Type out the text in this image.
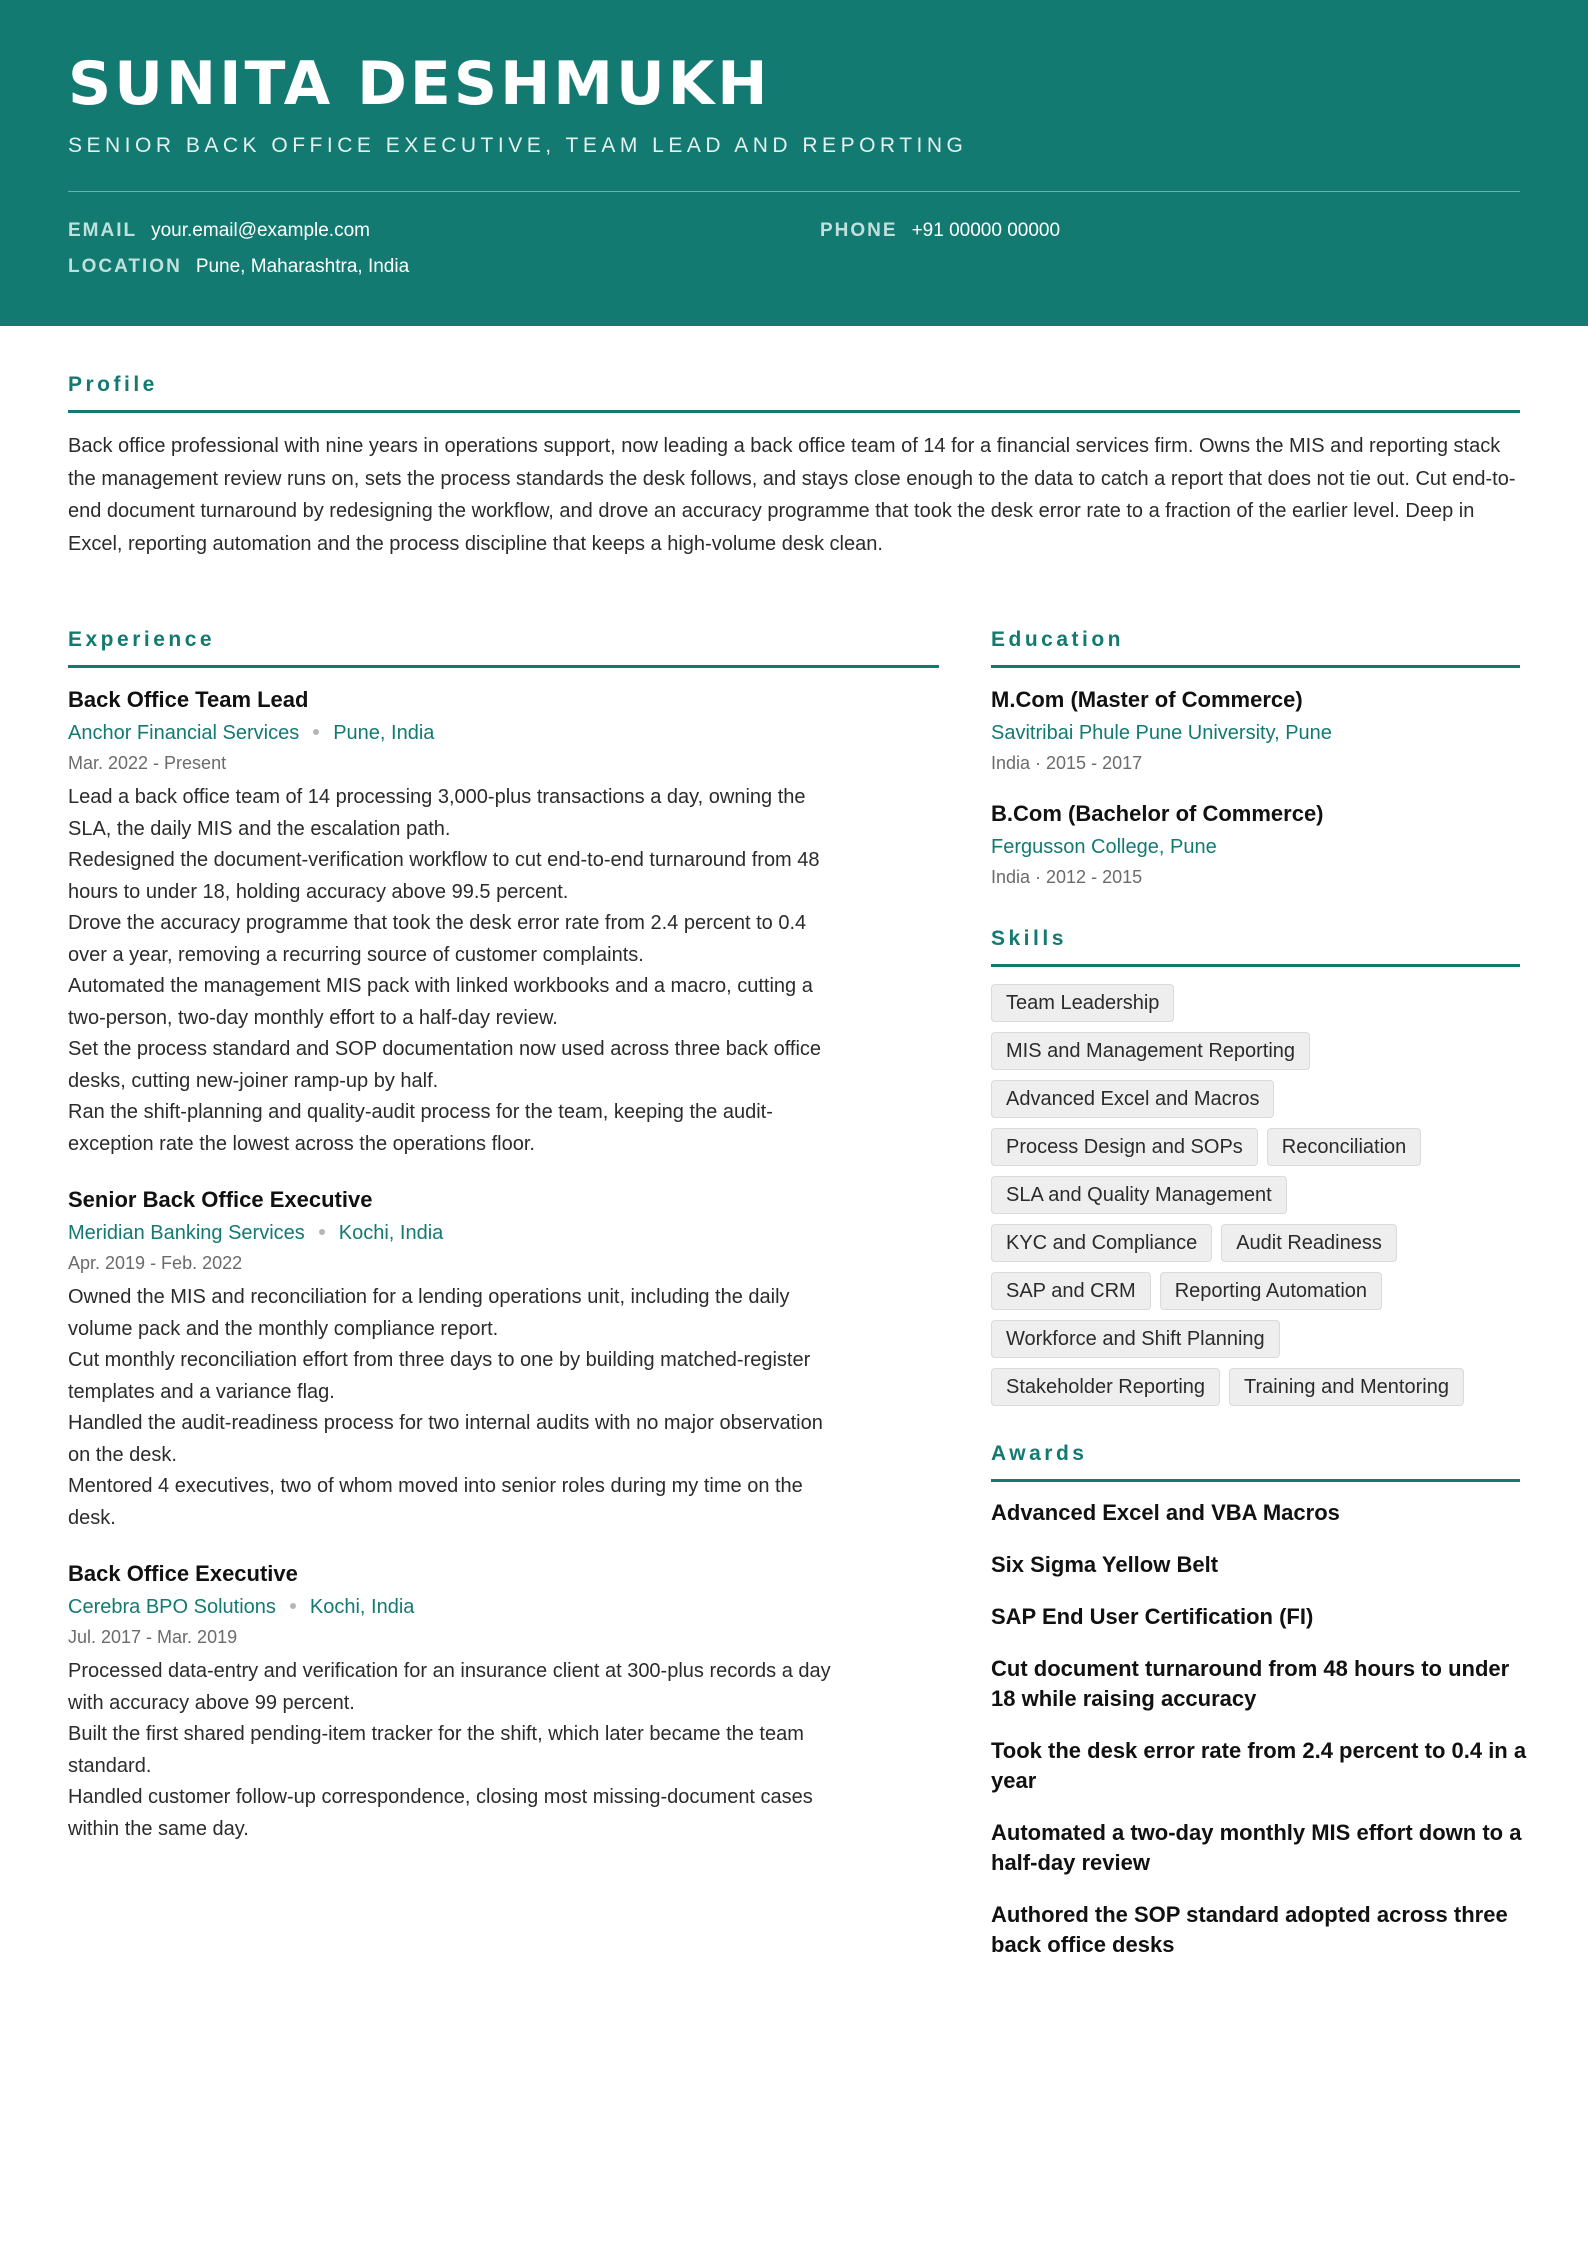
SUNITA DESHMUKH
SENIOR BACK OFFICE EXECUTIVE, TEAM LEAD AND REPORTING
EMAIL your.email@example.com	PHONE +91 00000 00000
LOCATION Pune, Maharashtra, India
Profile
Back office professional with nine years in operations support, now leading a back office team of 14 for a financial services firm. Owns the MIS and reporting stack the management review runs on, sets the process standards the desk follows, and stays close enough to the data to catch a report that does not tie out. Cut end-to-end document turnaround by redesigning the workflow, and drove an accuracy programme that took the desk error rate to a fraction of the earlier level. Deep in Excel, reporting automation and the process discipline that keeps a high-volume desk clean.
Experience
Back Office Team Lead
Anchor Financial Services Pune, India
Mar. 2022 - Present
Lead a back office team of 14 processing 3,000-plus transactions a day, owning the
SLA, the daily MIS and the escalation path.
Redesigned the document-verification workflow to cut end-to-end turnaround from 48
hours to under 18, holding accuracy above 99.5 percent.
Drove the accuracy programme that took the desk error rate from 2.4 percent to 0.4
over a year, removing a recurring source of customer complaints.
Automated the management MIS pack with linked workbooks and a macro, cutting a
two-person, two-day monthly effort to a half-day review.
Set the process standard and SOP documentation now used across three back office
desks, cutting new-joiner ramp-up by half.
Ran the shift-planning and quality-audit process for the team, keeping the audit-
exception rate the lowest across the operations floor.
Senior Back Office Executive
Meridian Banking Services Kochi, India
Apr. 2019 - Feb. 2022
Owned the MIS and reconciliation for a lending operations unit, including the daily
volume pack and the monthly compliance report.
Cut monthly reconciliation effort from three days to one by building matched-register
templates and a variance flag.
Handled the audit-readiness process for two internal audits with no major observation
on the desk.
Mentored 4 executives, two of whom moved into senior roles during my time on the
desk.
Back Office Executive
Cerebra BPO Solutions Kochi, India
Jul. 2017 - Mar. 2019
Processed data-entry and verification for an insurance client at 300-plus records a day
with accuracy above 99 percent.
Built the first shared pending-item tracker for the shift, which later became the team
standard.
Handled customer follow-up correspondence, closing most missing-document cases
within the same day.
Education
M.Com (Master of Commerce)
Savitribai Phule Pune University, Pune
India · 2015 - 2017
B.Com (Bachelor of Commerce)
Fergusson College, Pune
India · 2012 - 2015
Skills
Team Leadership
MIS and Management Reporting
Advanced Excel and Macros
Process Design and SOPs	Reconciliation
SLA and Quality Management
KYC and Compliance	Audit Readiness
SAP and CRM	Reporting Automation
Workforce and Shift Planning
Stakeholder Reporting	Training and Mentoring
Awards
Advanced Excel and VBA Macros
Six Sigma Yellow Belt
SAP End User Certification (FI)
Cut document turnaround from 48 hours to under 18 while raising accuracy
Took the desk error rate from 2.4 percent to 0.4 in a year
Automated a two-day monthly MIS effort down to a half-day review
Authored the SOP standard adopted across three back office desks
